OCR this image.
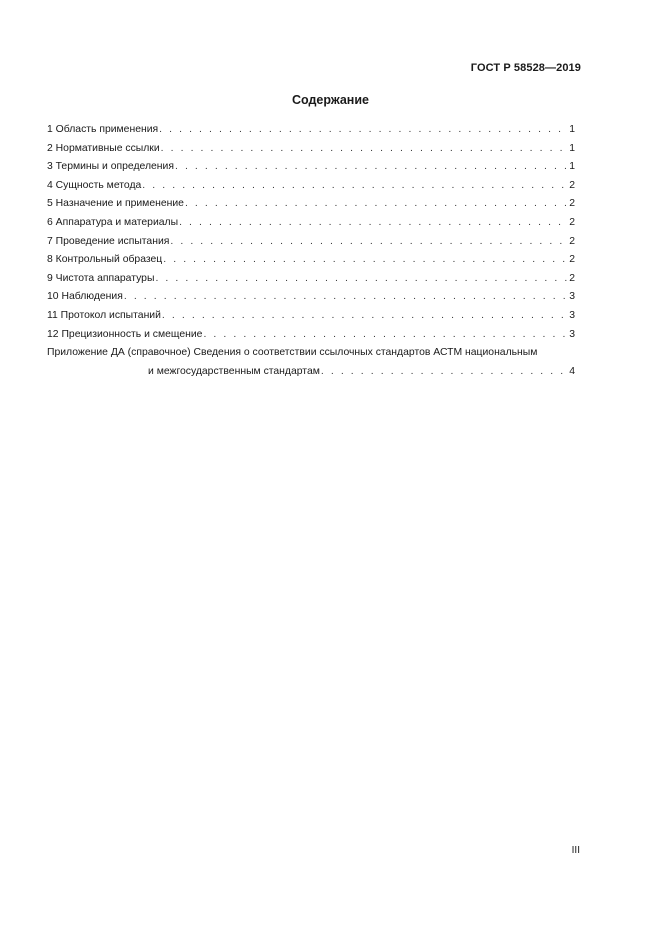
ГОСТ Р 58528—2019
Содержание
1 Область применения . . .	1
2 Нормативные ссылки . . .	1
3 Термины и определения . . .	1
4 Сущность метода . . .	2
5 Назначение и применение . . .	2
6 Аппаратура и материалы . . .	2
7 Проведение испытания . . .	2
8 Контрольный образец . . .	2
9 Чистота аппаратуры . . .	2
10 Наблюдения . . .	3
11 Протокол испытаний . . .	3
12 Прецизионность и смещение . . .	3
Приложение ДА (справочное) Сведения о соответствии ссылочных стандартов АСТМ национальным
и межгосударственным стандартам . . .	4
III
